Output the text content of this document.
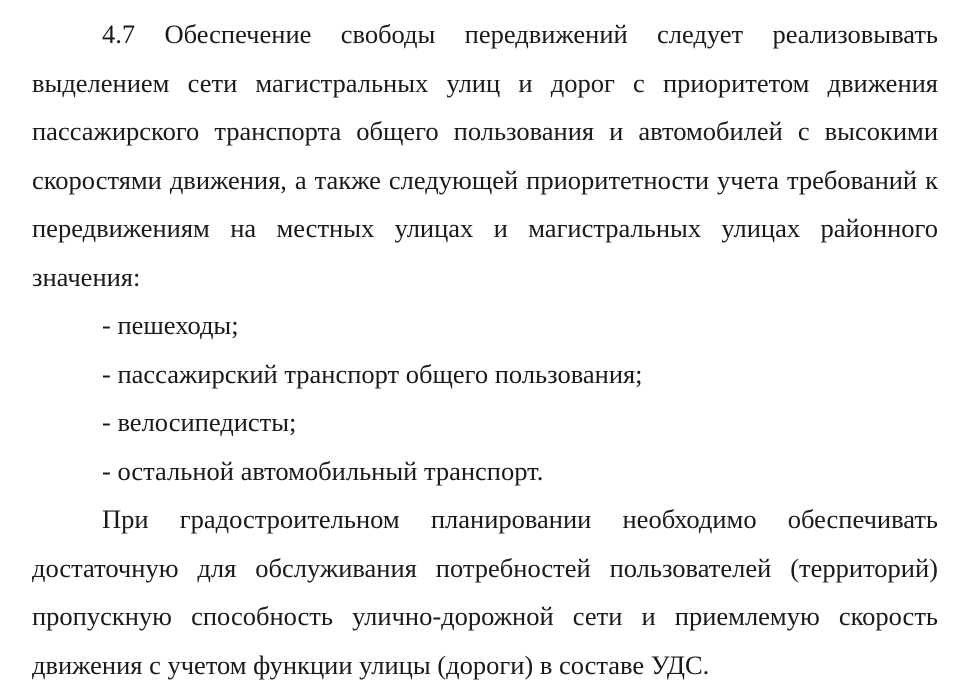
4.7 Обеспечение свободы передвижений следует реализовывать выделением сети магистральных улиц и дорог с приоритетом движения пассажирского транспорта общего пользования и автомобилей с высокими скоростями движения, а также следующей приоритетности учета требований к передвижениям на местных улицах и магистральных улицах районного значения:

- пешеходы;
- пассажирский транспорт общего пользования;
- велосипедисты;
- остальной автомобильный транспорт.

При градостроительном планировании необходимо обеспечивать достаточную для обслуживания потребностей пользователей (территорий) пропускную способность улично-дорожной сети и приемлемую скорость движения с учетом функции улицы (дороги) в составе УДС.
